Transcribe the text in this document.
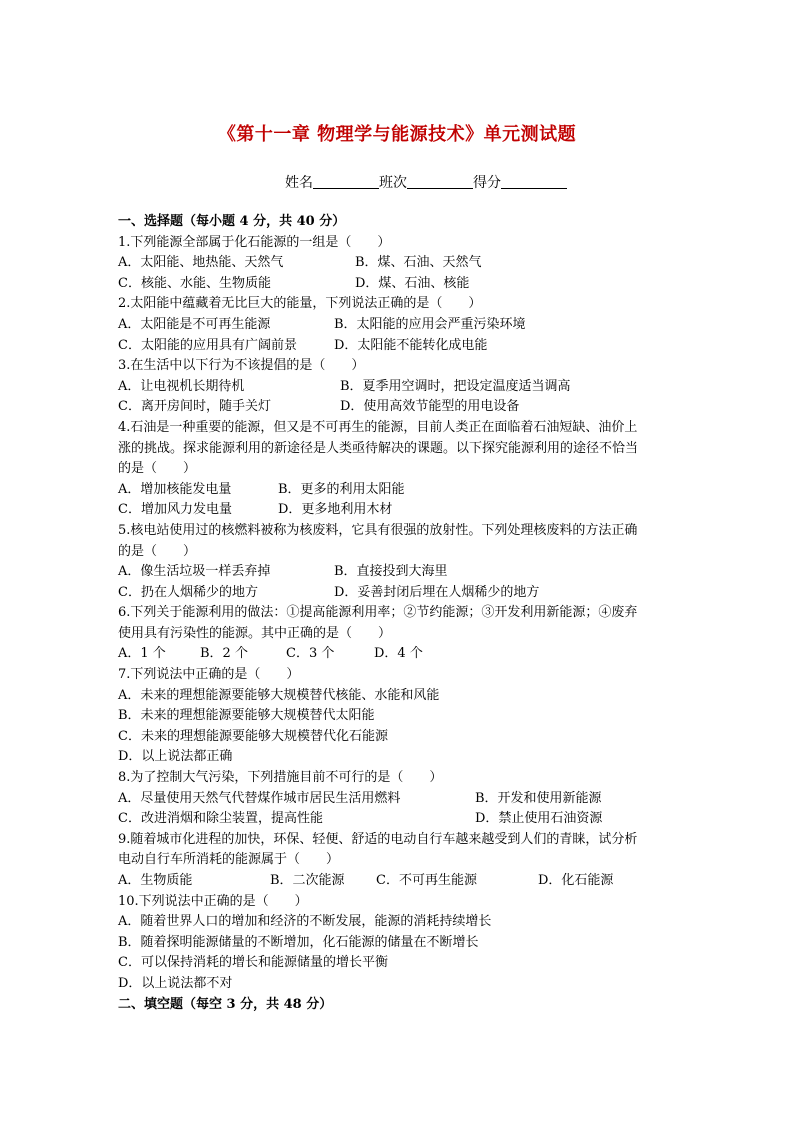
《第十一章 物理学与能源技术》单元测试题
姓名	班次	得分
一、选择题（每小题 4 分，共 40 分）
1.下列能源全部属于化石能源的一组是（　　）
A．太阳能、地热能、天然气	B．煤、石油、天然气
C．核能、水能、生物质能	D．煤、石油、核能
2.太阳能中蕴藏着无比巨大的能量，下列说法正确的是（　　）
A．太阳能是不可再生能源	B．太阳能的应用会严重污染环境
C．太阳能的应用具有广阔前景	D．太阳能不能转化成电能
3.在生活中以下行为不该提倡的是（　　）
A．让电视机长期待机	B．夏季用空调时，把设定温度适当调高
C．离开房间时，随手关灯	D．使用高效节能型的用电设备
4.石油是一种重要的能源，但又是不可再生的能源，目前人类正在面临着石油短缺、油价上
涨的挑战。探求能源利用的新途径是人类亟待解决的课题。以下探究能源利用的途径不恰当
的是（　　）
A．增加核能发电量	B．更多的利用太阳能
C．增加风力发电量	D．更多地利用木材
5.核电站使用过的核燃料被称为核废料，它具有很强的放射性。下列处理核废料的方法正确
的是（　　）
A．像生活垃圾一样丢弃掉	B．直接投到大海里
C．扔在人烟稀少的地方	D．妥善封闭后埋在人烟稀少的地方
6.下列关于能源利用的做法：①提高能源利用率；②节约能源；③开发利用新能源；④废弃
使用具有污染性的能源。其中正确的是（　　）
A．1 个	B．2 个	C．3 个	D．4 个
7.下列说法中正确的是（　　）
A．未来的理想能源要能够大规模替代核能、水能和风能
B．未来的理想能源要能够大规模替代太阳能
C．未来的理想能源要能够大规模替代化石能源
D．以上说法都正确
8.为了控制大气污染，下列措施目前不可行的是（　　）
A．尽量使用天然气代替煤作城市居民生活用燃料	B．开发和使用新能源
C．改进消烟和除尘装置，提高性能	D．禁止使用石油资源
9.随着城市化进程的加快，环保、轻便、舒适的电动自行车越来越受到人们的青睐，试分析
电动自行车所消耗的能源属于（　　）
A．生物质能	B．二次能源 C．不可再生能源	D．化石能源
10.下列说法中正确的是（　　）
A．随着世界人口的增加和经济的不断发展，能源的消耗持续增长
B．随着探明能源储量的不断增加，化石能源的储量在不断增长
C．可以保持消耗的增长和能源储量的增长平衡
D．以上说法都不对
二、填空题（每空 3 分，共 48 分）
